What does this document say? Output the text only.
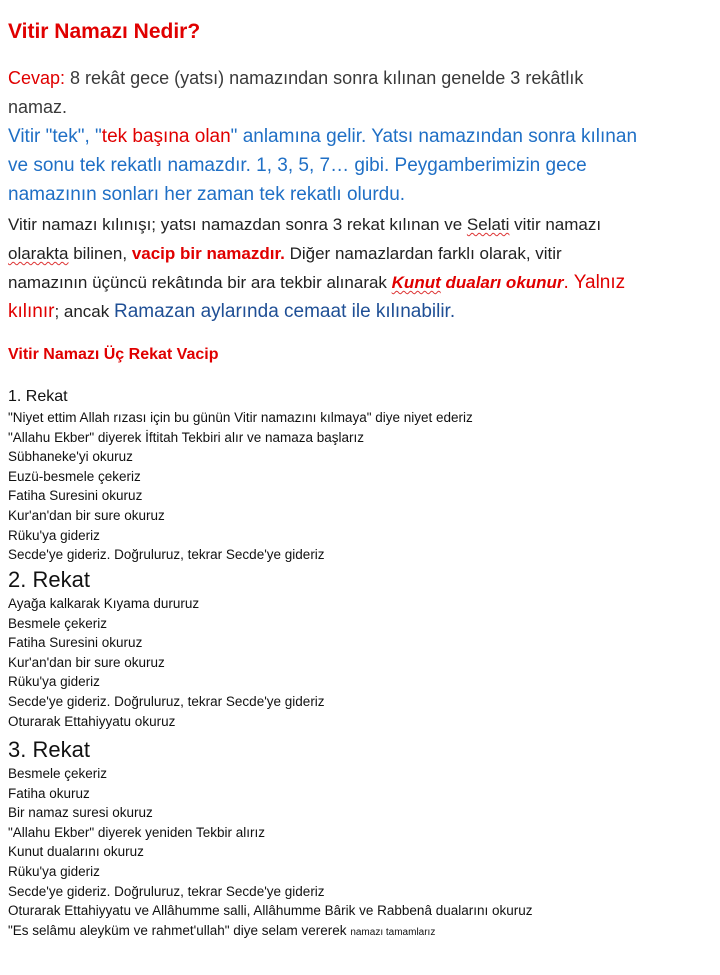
Vitir Namazı Nedir?
Cevap: 8 rekât gece (yatsı) namazından sonra kılınan genelde 3 rekâtlık
namaz.
Vitir "tek", "tek başına olan" anlamına gelir. Yatsı namazından sonra kılınan
ve sonu tek rekatlı namazdır. 1, 3, 5, 7… gibi. Peygamberimizin gece
namazının sonları her zaman tek rekatlı olurdu.
Vitir namazı kılınışı; yatsı namazdan sonra 3 rekat kılınan ve Selati vitir namazı
olarakta bilinen, vacip bir namazdır. Diğer namazlardan farklı olarak, vitir
namazının üçüncü rekâtında bir ara tekbir alınarak Kunut duaları okunur. Yalnız
kılınır; ancak Ramazan aylarında cemaat ile kılınabilir.
Vitir Namazı Üç Rekat Vacip
1. Rekat
"Niyet ettim Allah rızası için bu günün Vitir namazını kılmaya" diye niyet ederiz
"Allahu Ekber" diyerek İftitah Tekbiri alır ve namaza başlarız
Sübhaneke'yi okuruz
Euzü-besmele çekeriz
Fatiha Suresini okuruz
Kur'an'dan bir sure okuruz
Rüku'ya gideriz
Secde'ye gideriz. Doğruluruz, tekrar Secde'ye gideriz
2. Rekat
Ayağa kalkarak Kıyama dururuz
Besmele çekeriz
Fatiha Suresini okuruz
Kur'an'dan bir sure okuruz
Rüku'ya gideriz
Secde'ye gideriz. Doğruluruz, tekrar Secde'ye gideriz
Oturarak Ettahiyyatu okuruz
3. Rekat
Besmele çekeriz
Fatiha okuruz
Bir namaz suresi okuruz
"Allahu Ekber" diyerek yeniden Tekbir alırız
Kunut dualarını okuruz
Rüku'ya gideriz
Secde'ye gideriz. Doğruluruz, tekrar Secde'ye gideriz
Oturarak Ettahiyyatu ve Allâhumme salli, Allâhumme Bârik ve Rabbenâ dualarını okuruz
"Es selâmu aleyküm ve rahmet'ullah" diye selam vererek namazı tamamlarız
